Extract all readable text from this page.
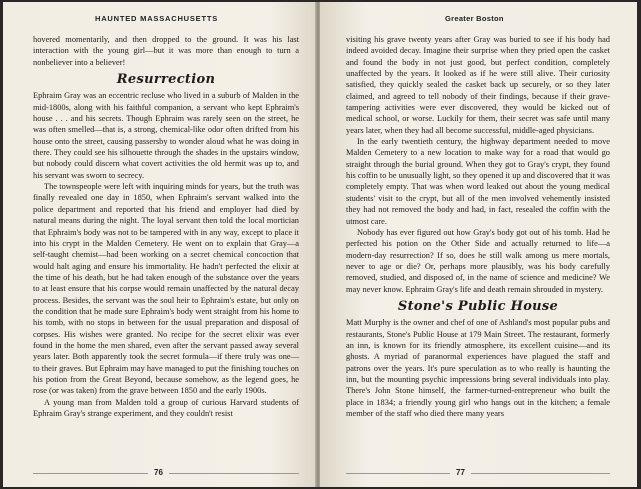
HAUNTED MASSACHUSETTS

hovered momentarily, and then dropped to the ground. It was his last interaction with the young girl—but it was more than enough to turn a nonbeliever into a believer!

Resurrection

Ephraim Gray was an eccentric recluse who lived in a suburb of Malden in the mid-1800s, along with his faithful companion, a servant who kept Ephraim's house . . . and his secrets. Though Ephraim was rarely seen on the street, he was often smelled—that is, a strong, chemical-like odor often drifted from his house onto the street, causing passersby to wonder aloud what he was doing in there. They could see his silhouette through the shades in the upstairs window, but nobody could discern what covert activities the old hermit was up to, and his servant was sworn to secrecy.

The townspeople were left with inquiring minds for years, but the truth was finally revealed one day in 1850, when Ephraim's servant walked into the police department and reported that his friend and employer had died by natural means during the night. The loyal servant then told the local mortician that Ephraim's body was not to be tampered with in any way, except to place it into his crypt in the Malden Cemetery. He went on to explain that Gray—a self-taught chemist—had been working on a secret chemical concoction that would halt aging and ensure his immortality. He hadn't perfected the elixir at the time of his death, but he had taken enough of the substance over the years to at least ensure that his corpse would remain unaffected by the natural decay process. Besides, the servant was the soul heir to Ephraim's estate, but only on the condition that he made sure Ephraim's body went straight from his home to his tomb, with no stops in between for the usual preparation and disposal of corpses. His wishes were granted. No recipe for the secret elixir was ever found in the home the men shared, even after the servant passed away several years later. Both apparently took the secret formula—if there truly was one—to their graves. But Ephraim may have managed to put the finishing touches on his potion from the Great Beyond, because somehow, as the legend goes, he rose (or was taken) from the grave between 1850 and the early 1900s.

A young man from Malden told a group of curious Harvard students of Ephraim Gray's strange experiment, and they couldn't resist

76
Greater Boston

visiting his grave twenty years after Gray was buried to see if his body had indeed avoided decay. Imagine their surprise when they pried open the casket and found the body in not just good, but perfect condition, completely unaffected by the years. It looked as if he were still alive. Their curiosity satisfied, they quickly sealed the casket back up securely, or so they later claimed, and agreed to tell nobody of their findings, because if their grave-tampering activities were ever discovered, they would be kicked out of medical school, or worse. Luckily for them, their secret was safe until many years later, when they had all become successful, middle-aged physicians.

In the early twentieth century, the highway department needed to move Malden Cemetery to a new location to make way for a road that would go straight through the burial ground. When they got to Gray's crypt, they found his coffin to be unusually light, so they opened it up and discovered that it was completely empty. That was when word leaked out about the young medical students' visit to the crypt, but all of the men involved vehemently insisted they had not removed the body and had, in fact, resealed the coffin with the utmost care.

Nobody has ever figured out how Gray's body got out of his tomb. Had he perfected his potion on the Other Side and actually returned to life—a modern-day resurrection? If so, does he still walk among us mere mortals, never to age or die? Or, perhaps more plausibly, was his body carefully removed, studied, and disposed of, in the name of science and medicine? We may never know. Ephraim Gray's life and death remain shrouded in mystery.

Stone's Public House

Matt Murphy is the owner and chef of one of Ashland's most popular pubs and restaurants, Stone's Public House at 179 Main Street. The restaurant, formerly an inn, is known for its friendly atmosphere, its excellent cuisine—and its ghosts. A myriad of paranormal experiences have plagued the staff and patrons over the years. It's pure speculation as to who really is haunting the inn, but the mounting psychic impressions bring several individuals into play. There's John Stone himself, the farmer-turned-entrepreneur who built the place in 1834; a friendly young girl who hangs out in the kitchen; a female member of the staff who died there many years

77
